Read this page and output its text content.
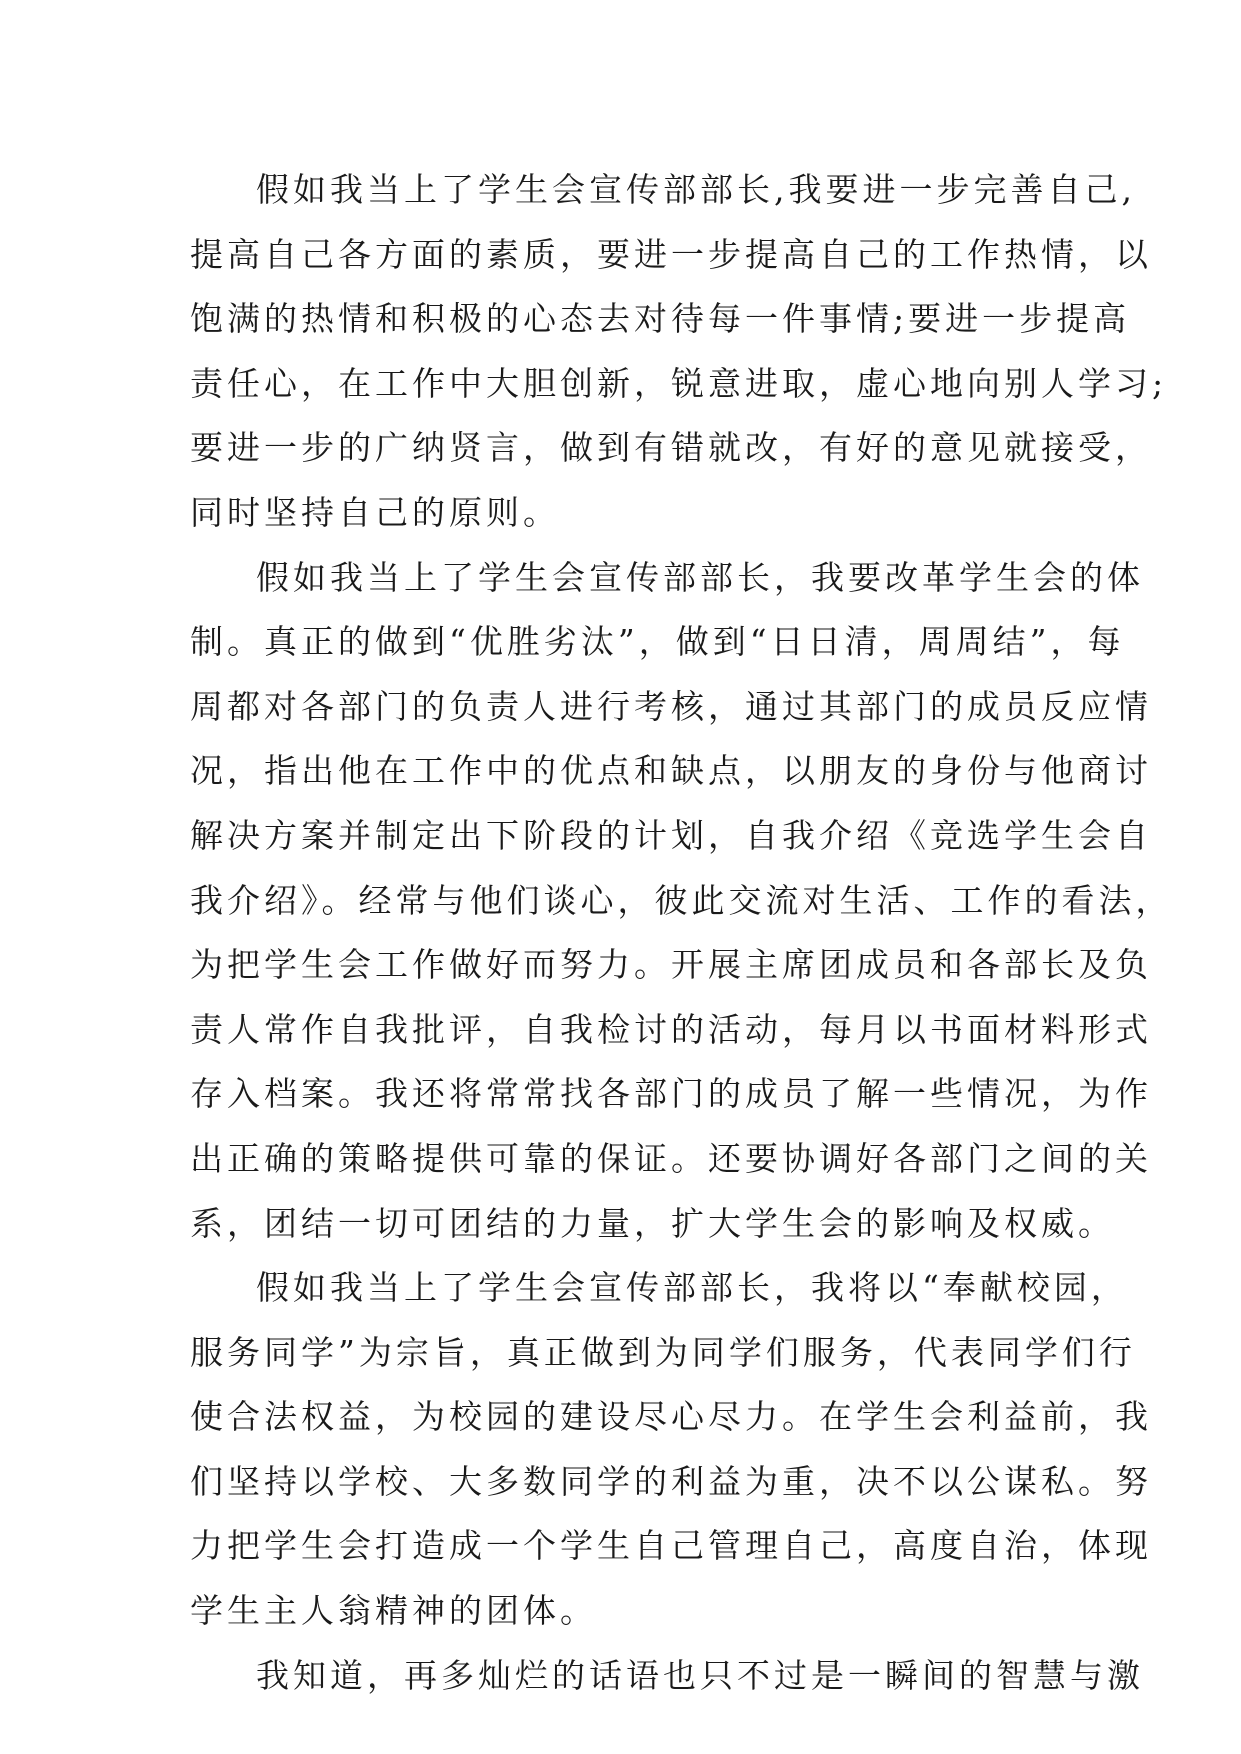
假如我当上了学生会宣传部部长,我要进一步完善自己,
提高自己各方面的素质，要进一步提高自己的工作热情，以
饱满的热情和积极的心态去对待每一件事情;要进一步提高
责任心，在工作中大胆创新，锐意进取，虚心地向别人学习;
要进一步的广纳贤言，做到有错就改，有好的意见就接受，
同时坚持自己的原则。
假如我当上了学生会宣传部部长，我要改革学生会的体
制。真正的做到“优胜劣汰”，做到“日日清，周周结”，每
周都对各部门的负责人进行考核，通过其部门的成员反应情
况，指出他在工作中的优点和缺点，以朋友的身份与他商讨
解决方案并制定出下阶段的计划，自我介绍《竞选学生会自
我介绍》。经常与他们谈心，彼此交流对生活、工作的看法，
为把学生会工作做好而努力。开展主席团成员和各部长及负
责人常作自我批评，自我检讨的活动，每月以书面材料形式
存入档案。我还将常常找各部门的成员了解一些情况，为作
出正确的策略提供可靠的保证。还要协调好各部门之间的关
系，团结一切可团结的力量，扩大学生会的影响及权威。
假如我当上了学生会宣传部部长，我将以“奉献校园，
服务同学”为宗旨，真正做到为同学们服务，代表同学们行
使合法权益，为校园的建设尽心尽力。在学生会利益前，我
们坚持以学校、大多数同学的利益为重，决不以公谋私。努
力把学生会打造成一个学生自己管理自己，高度自治，体现
学生主人翁精神的团体。
我知道，再多灿烂的话语也只不过是一瞬间的智慧与激
